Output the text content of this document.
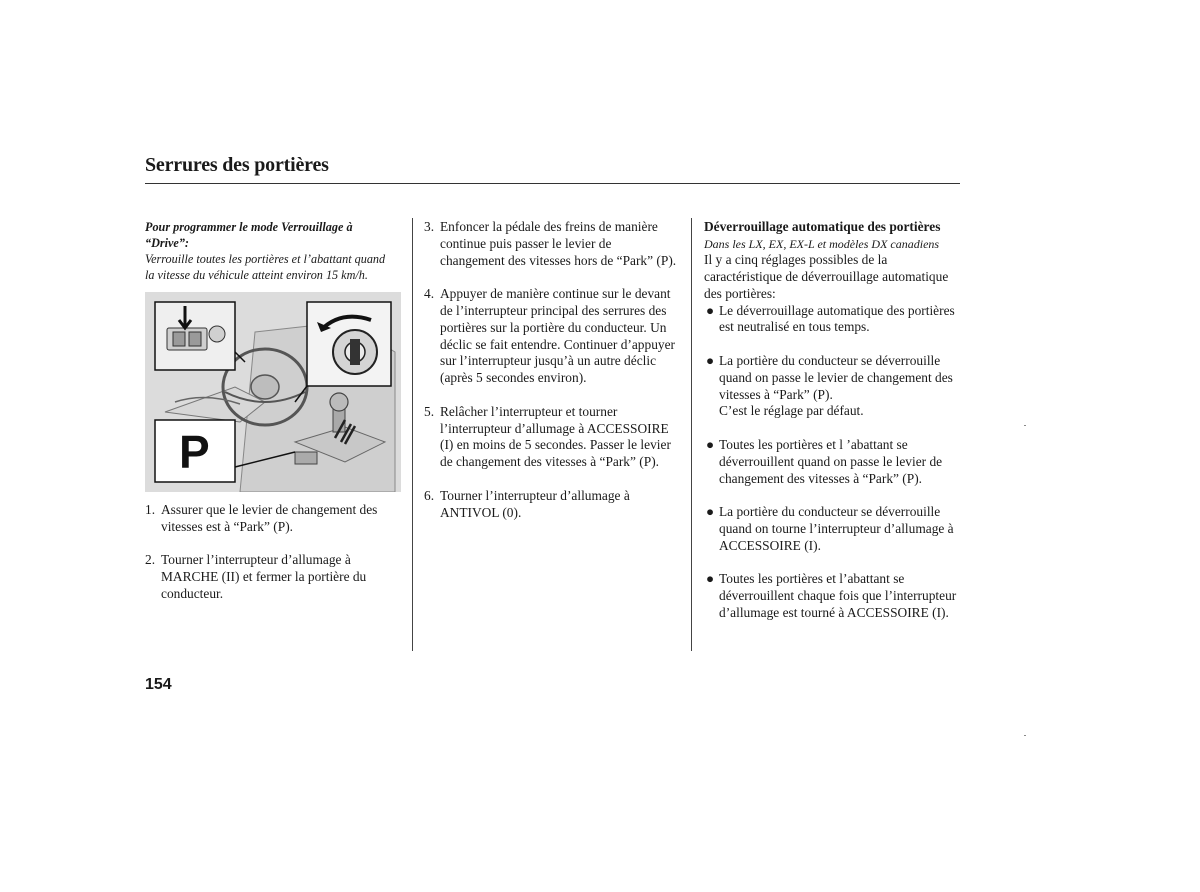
Serrures des portières

Pour programmer le mode Verrouillage à “Drive”:

Verrouille toutes les portières et l’abattant quand la vitesse du véhicule atteint environ 15 km/h.

P

1. Assurer que le levier de changement des vitesses est à “Park” (P).

2. Tourner l’interrupteur d’allumage à MARCHE (II) et fermer la portière du conducteur.

3. Enfoncer la pédale des freins de manière continue puis passer le levier de changement des vitesses hors de “Park” (P).

4. Appuyer de manière continue sur le devant de l’interrupteur principal des serrures des portières sur la portière du conducteur. Un déclic se fait entendre. Continuer d’appuyer sur l’interrupteur jusqu’à un autre déclic (après 5 secondes environ).

5. Relâcher l’interrupteur et tourner l’interrupteur d’allumage à ACCESSOIRE (I) en moins de 5 secondes. Passer le levier de changement des vitesses à “Park” (P).

6. Tourner l’interrupteur d’allumage à ANTIVOL (0).

Déverrouillage automatique des portières

Dans les LX, EX, EX-L et modèles DX canadiens

Il y a cinq réglages possibles de la caractéristique de déverrouillage automatique des portières:

● Le déverrouillage automatique des portières est neutralisé en tous temps.

● La portière du conducteur se déverrouille quand on passe le levier de changement des vitesses à “Park” (P).
C’est le réglage par défaut.

● Toutes les portières et l ’abattant se déverrouillent quand on passe le levier de changement des vitesses à “Park” (P).

● La portière du conducteur se déverrouille quand on tourne l’interrupteur d’allumage à ACCESSOIRE (I).

● Toutes les portières et l’abattant se déverrouillent chaque fois que l’interrupteur d’allumage est tourné à ACCESSOIRE (I).

154
